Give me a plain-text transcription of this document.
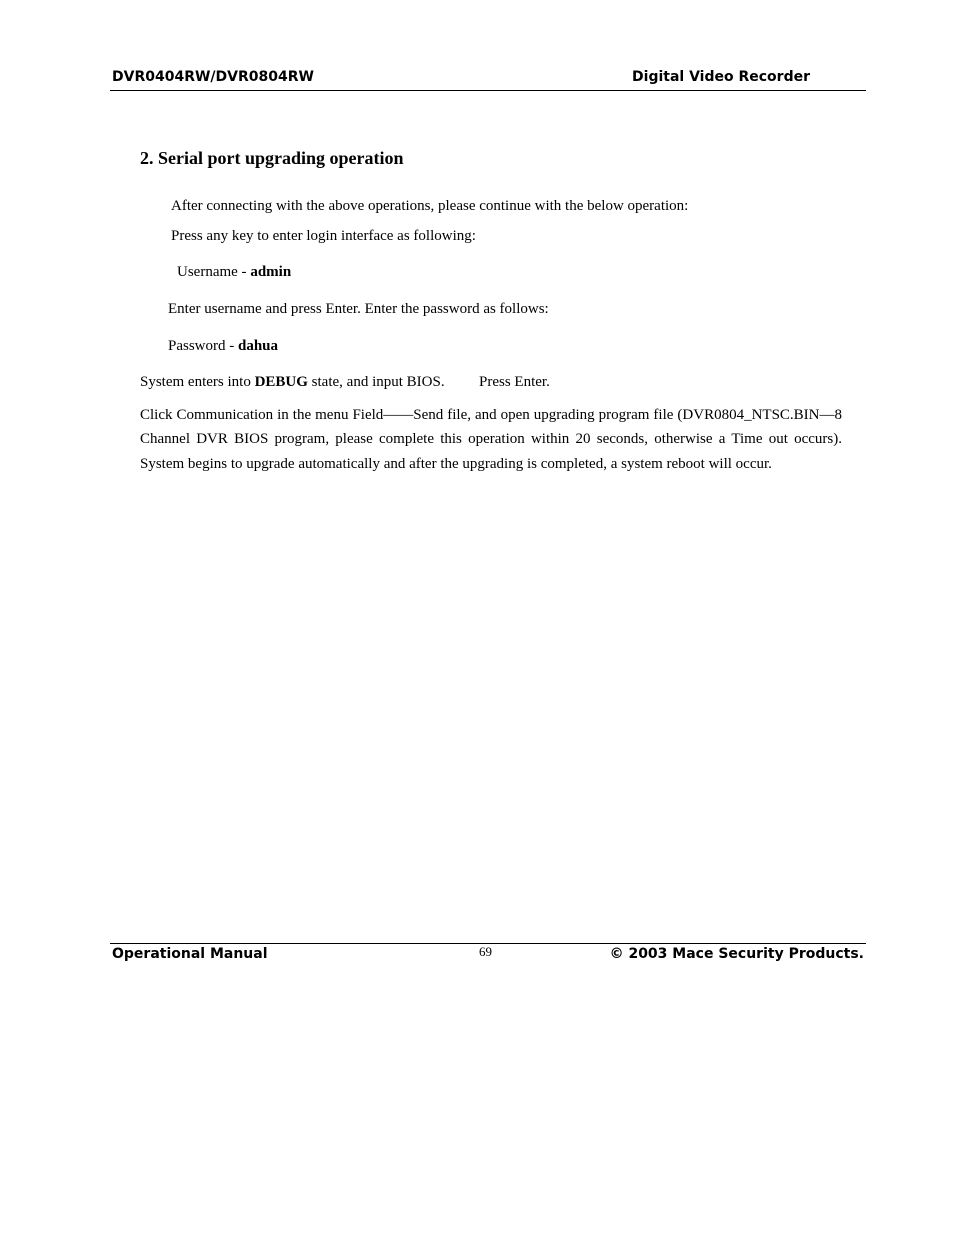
DVR0404RW/DVR0804RW	Digital Video Recorder
2. Serial port upgrading operation
After connecting with the above operations, please continue with the below operation:
Press any key to enter login interface as following:
Username - admin
Enter username and press Enter. Enter the password as follows:
Password - dahua
System enters into DEBUG state, and input BIOS. Press Enter.
Click Communication in the menu Field——Send file, and open upgrading program file (DVR0804_NTSC.BIN—8 Channel DVR BIOS program, please complete this operation within 20 seconds, otherwise a Time out occurs). System begins to upgrade automatically and after the upgrading is completed, a system reboot will occur.
Operational Manual	69	© 2003 Mace Security Products.
